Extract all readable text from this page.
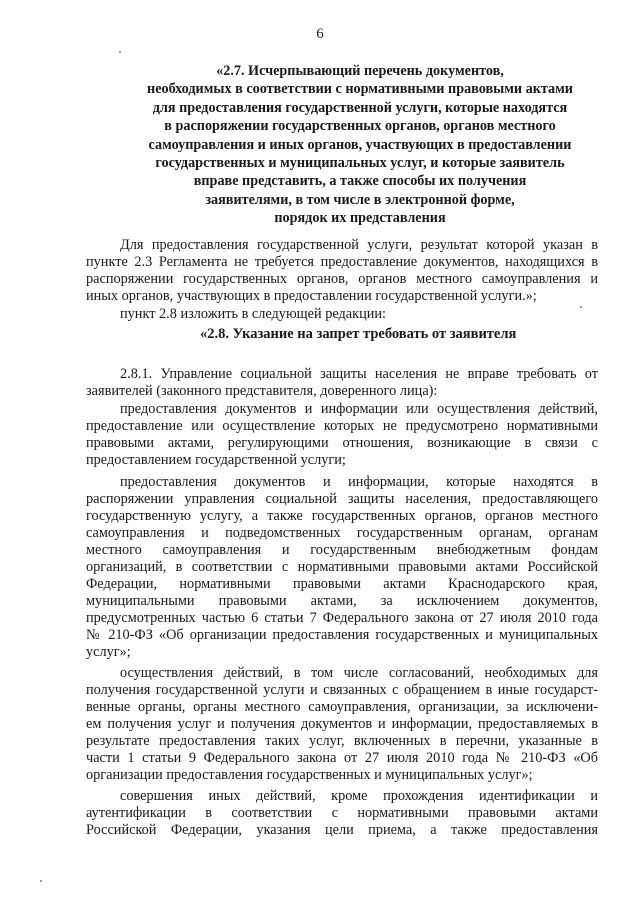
6
«2.7. Исчерпывающий перечень документов,
необходимых в соответствии с нормативными правовыми актами
для предоставления государственной услуги, которые находятся
в распоряжении государственных органов, органов местного
самоуправления и иных органов, участвующих в предоставлении
государственных и муниципальных услуг, и которые заявитель
вправе представить, а также способы их получения
заявителями, в том числе в электронной форме,
порядок их представления
Для предоставления государственной услуги, результат которой указан в
пункте 2.3 Регламента не требуется предоставление документов, находящихся в
распоряжении государственных органов, органов местного самоуправления и
иных органов, участвующих в предоставлении государственной услуги.»;
пункт 2.8 изложить в следующей редакции:
«2.8. Указание на запрет требовать от заявителя
2.8.1. Управление социальной защиты населения не вправе требовать от
заявителей (законного представителя, доверенного лица):
предоставления документов и информации или осуществления действий,
предоставление или осуществление которых не предусмотрено нормативными
правовыми актами, регулирующими отношения, возникающие в связи с
предоставлением государственной услуги;
предоставления документов и информации, которые находятся в
распоряжении управления социальной защиты населения, предоставляющего
государственную услугу, а также государственных органов, органов местного
самоуправления и подведомственных государственным органам, органам
местного самоуправления и государственным внебюджетным фондам
организаций, в соответствии с нормативными правовыми актами Российской
Федерации, нормативными правовыми актами Краснодарского края,
муниципальными правовыми актами, за исключением документов,
предусмотренных частью 6 статьи 7 Федерального закона от 27 июля 2010 года
№ 210-ФЗ «Об организации предоставления государственных и муниципальных
услуг»;
осуществления действий, в том числе согласований, необходимых для
получения государственной услуги и связанных с обращением в иные государст-
венные органы, органы местного самоуправления, организации, за исключени-
ем получения услуг и получения документов и информации, предоставляемых в
результате предоставления таких услуг, включенных в перечни, указанные в
части 1 статьи 9 Федерального закона от 27 июля 2010 года № 210-ФЗ «Об
организации предоставления государственных и муниципальных услуг»;
совершения иных действий, кроме прохождения идентификации и
аутентификации в соответствии с нормативными правовыми актами
Российской Федерации, указания цели приема, а также предоставления
